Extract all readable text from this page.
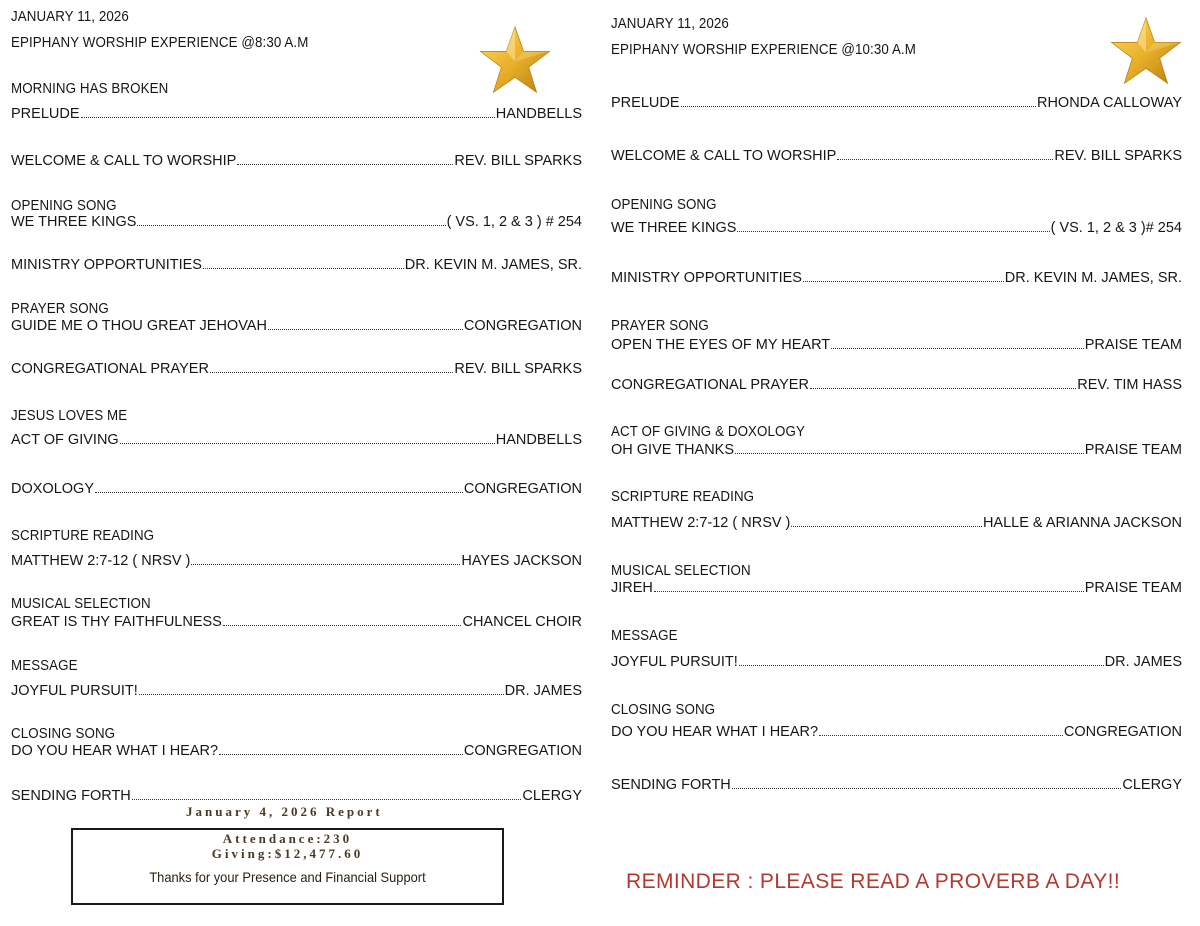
JANUARY 11, 2026
EPIPHANY WORSHIP EXPERIENCE @8:30 A.M
MORNING HAS BROKEN
PRELUDE	HANDBELLS
WELCOME & CALL TO WORSHIP	REV. BILL SPARKS
OPENING SONG
WE THREE KINGS	( VS. 1, 2 & 3 ) # 254
MINISTRY OPPORTUNITIES	DR. KEVIN M. JAMES, SR.
PRAYER SONG
GUIDE ME O THOU GREAT JEHOVAH	CONGREGATION
CONGREGATIONAL PRAYER	REV. BILL SPARKS
JESUS LOVES ME
ACT OF GIVING	HANDBELLS
DOXOLOGY	CONGREGATION
SCRIPTURE READING
MATTHEW 2:7-12 ( NRSV )	HAYES JACKSON
MUSICAL SELECTION
GREAT IS THY FAITHFULNESS	CHANCEL CHOIR
MESSAGE
JOYFUL PURSUIT!	DR. JAMES
CLOSING SONG
DO YOU HEAR WHAT I HEAR?	CONGREGATION
SENDING FORTH	CLERGY
JANUARY 11, 2026
EPIPHANY WORSHIP EXPERIENCE @10:30 A.M
PRELUDE	RHONDA CALLOWAY
WELCOME & CALL TO WORSHIP	REV. BILL SPARKS
OPENING SONG
WE THREE KINGS	( VS. 1, 2 & 3 )# 254
MINISTRY OPPORTUNITIES	DR. KEVIN M. JAMES, SR.
PRAYER SONG
OPEN THE EYES OF MY HEART	PRAISE TEAM
CONGREGATIONAL PRAYER	REV. TIM HASS
ACT OF GIVING & DOXOLOGY
OH GIVE THANKS	PRAISE TEAM
SCRIPTURE READING
MATTHEW 2:7-12 ( NRSV )	HALLE & ARIANNA JACKSON
MUSICAL SELECTION
JIREH	PRAISE TEAM
MESSAGE
JOYFUL PURSUIT!	DR. JAMES
CLOSING SONG
DO YOU HEAR WHAT I HEAR?	CONGREGATION
SENDING FORTH	CLERGY
January 4, 2026 Report
Attendance:230
Giving:$12,477.60
Thanks for your Presence and Financial Support	REMINDER : PLEASE READ A PROVERB A DAY!!
